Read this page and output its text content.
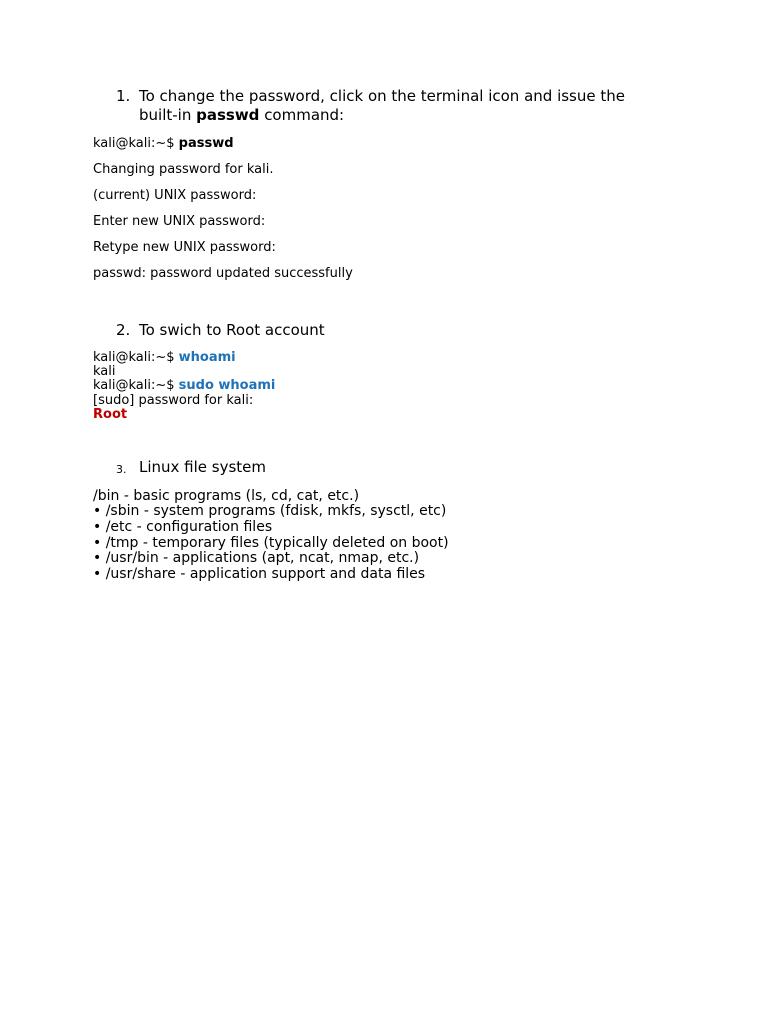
1. To change the password, click on the terminal icon and issue the built-in passwd command:
kali@kali:~$ passwd
Changing password for kali.
(current) UNIX password:
Enter new UNIX password:
Retype new UNIX password:
passwd: password updated successfully
2. To swich to Root account
kali@kali:~$ whoami
kali
kali@kali:~$ sudo whoami
[sudo] password for kali:
Root
3. Linux file system
/bin - basic programs (ls, cd, cat, etc.)
• /sbin - system programs (fdisk, mkfs, sysctl, etc)
• /etc - configuration files
• /tmp - temporary files (typically deleted on boot)
• /usr/bin - applications (apt, ncat, nmap, etc.)
• /usr/share - application support and data files
